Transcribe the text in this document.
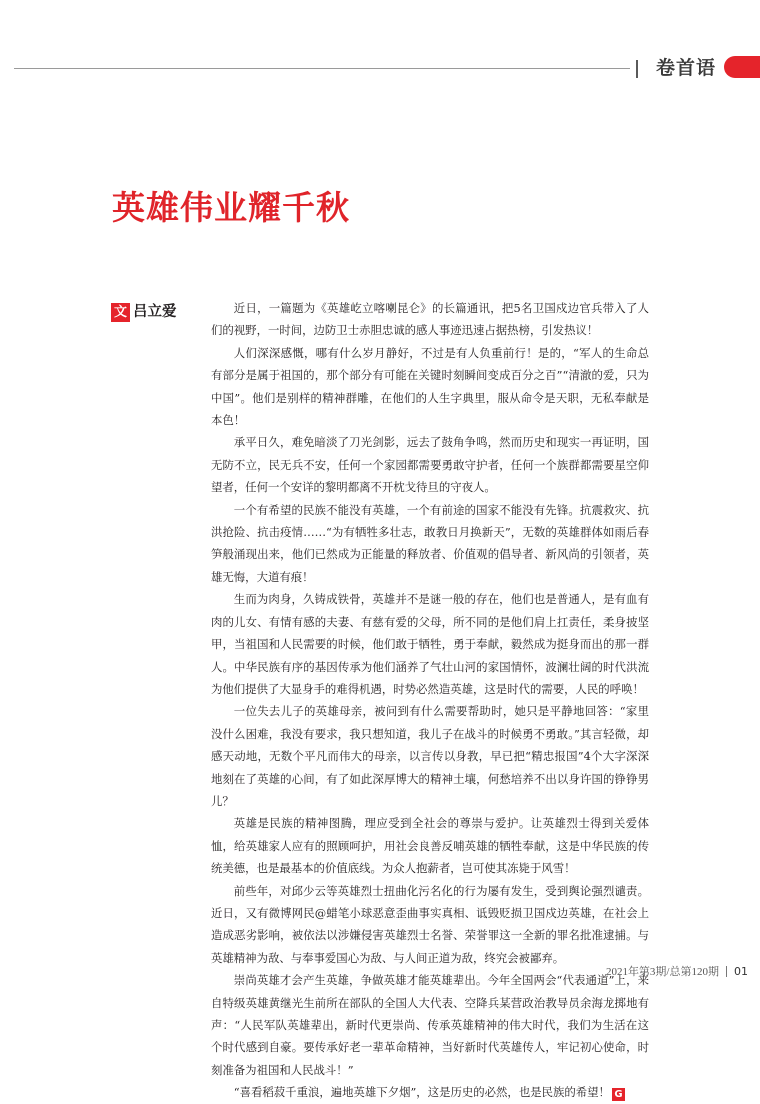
卷首语
英雄伟业耀千秋
文 吕立爱	近日，一篇题为《英雄屹立喀喇昆仑》的长篇通讯，把5名卫国戍边官兵带入了人们的视野，一时间，边防卫士赤胆忠诚的感人事迹迅速占据热榜，引发热议！

人们深深感慨，哪有什么岁月静好，不过是有人负重前行！是的，“军人的生命总有部分是属于祖国的，那个部分有可能在关键时刻瞬间变成百分之百”“清澈的爱，只为中国”。他们是别样的精神群雕，在他们的人生字典里，服从命令是天职，无私奉献是本色！

承平日久，难免暗淡了刀光剑影，远去了鼓角争鸣，然而历史和现实一再证明，国无防不立，民无兵不安，任何一个家园都需要勇敢守护者，任何一个族群都需要星空仰望者，任何一个安详的黎明都离不开枕戈待旦的守夜人。

一个有希望的民族不能没有英雄，一个有前途的国家不能没有先锋。抗震救灾、抗洪抢险、抗击疫情……“为有牺牲多壮志，敢教日月换新天”，无数的英雄群体如雨后春笋般涌现出来，他们已然成为正能量的释放者、价值观的倡导者、新风尚的引领者，英雄无悔，大道有痕！

生而为肉身，久铸成铁骨，英雄并不是谜一般的存在，他们也是普通人，是有血有肉的儿女、有情有感的夫妻、有慈有爱的父母，所不同的是他们肩上扛责任，柔身披坚甲，当祖国和人民需要的时候，他们敢于牺牲，勇于奉献，毅然成为挺身而出的那一群人。中华民族有序的基因传承为他们涵养了气壮山河的家国情怀，波澜壮阔的时代洪流为他们提供了大显身手的难得机遇，时势必然造英雄，这是时代的需要，人民的呼唤！

一位失去儿子的英雄母亲，被问到有什么需要帮助时，她只是平静地回答：“家里没什么困难，我没有要求，我只想知道，我儿子在战斗的时候勇不勇敢。”其言轻微，却感天动地，无数个平凡而伟大的母亲，以言传以身教，早已把“精忠报国”4个大字深深地刻在了英雄的心间，有了如此深厚博大的精神土壤，何愁培养不出以身许国的铮铮男儿？

英雄是民族的精神图腾，理应受到全社会的尊崇与爱护。让英雄烈士得到关爱体恤，给英雄家人应有的照顾呵护，用社会良善反哺英雄的牺牲奉献，这是中华民族的传统美德，也是最基本的价值底线。为众人抱薪者，岂可使其冻毙于风雪！

前些年，对邱少云等英雄烈士扭曲化污名化的行为屡有发生，受到舆论强烈谴责。近日，又有微博网民@蜡笔小球恶意歪曲事实真相、诋毁贬损卫国戍边英雄，在社会上造成恶劣影响，被依法以涉嫌侵害英雄烈士名誉、荣誉罪这一全新的罪名批准逮捕。与英雄精神为敌、与奉事爱国心为敌、与人间正道为敌，终究会被鄙弃。

崇尚英雄才会产生英雄，争做英雄才能英雄辈出。今年全国两会“代表通道”上，来自特级英雄黄继光生前所在部队的全国人大代表、空降兵某营政治教导员余海龙掷地有声：“人民军队英雄辈出，新时代更崇尚、传承英雄精神的伟大时代，我们为生活在这个时代感到自豪。要传承好老一辈革命精神，当好新时代英雄传人，牢记初心使命，时刻准备为祖国和人民战斗！”

“喜看稻菽千重浪，遍地英雄下夕烟”，这是历史的必然，也是民族的希望！ G

2021年第3期/总第120期 01
